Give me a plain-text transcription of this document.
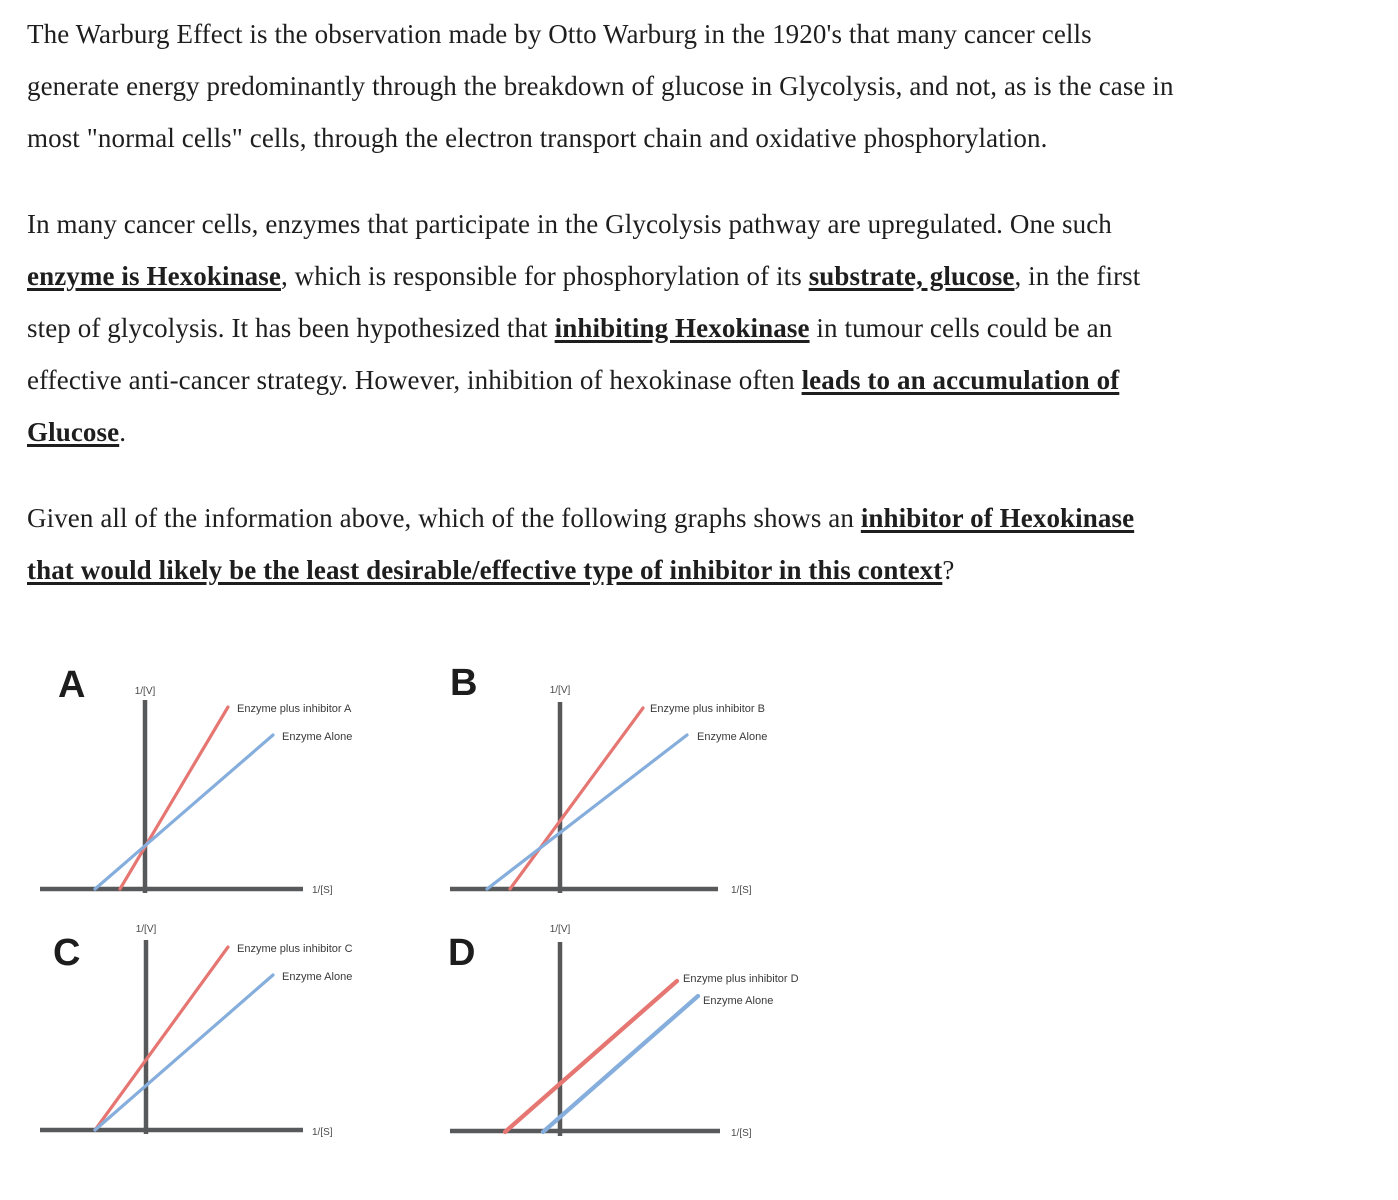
The Warburg Effect is the observation made by Otto Warburg in the 1920's that many cancer cells
generate energy predominantly through the breakdown of glucose in Glycolysis, and not, as is the case in
most "normal cells" cells, through the electron transport chain and oxidative phosphorylation.

In many cancer cells, enzymes that participate in the Glycolysis pathway are upregulated. One such
enzyme is Hexokinase, which is responsible for phosphorylation of its substrate, glucose, in the first
step of glycolysis. It has been hypothesized that inhibiting Hexokinase in tumour cells could be an
effective anti-cancer strategy. However, inhibition of hexokinase often leads to an accumulation of
Glucose.

Given all of the information above, which of the following graphs shows an inhibitor of Hexokinase
that would likely be the least desirable/effective type of inhibitor in this context?

A	1/[V]
1/[S]
Enzyme plus inhibitor A
Enzyme Alone
B	1/[V]
1/[S]
Enzyme plus inhibitor B
Enzyme Alone
C
1/[V]
1/[S]
Enzyme plus inhibitor C
Enzyme Alone
D
1/[V]
1/[S]
Enzyme plus inhibitor D
Enzyme Alone
